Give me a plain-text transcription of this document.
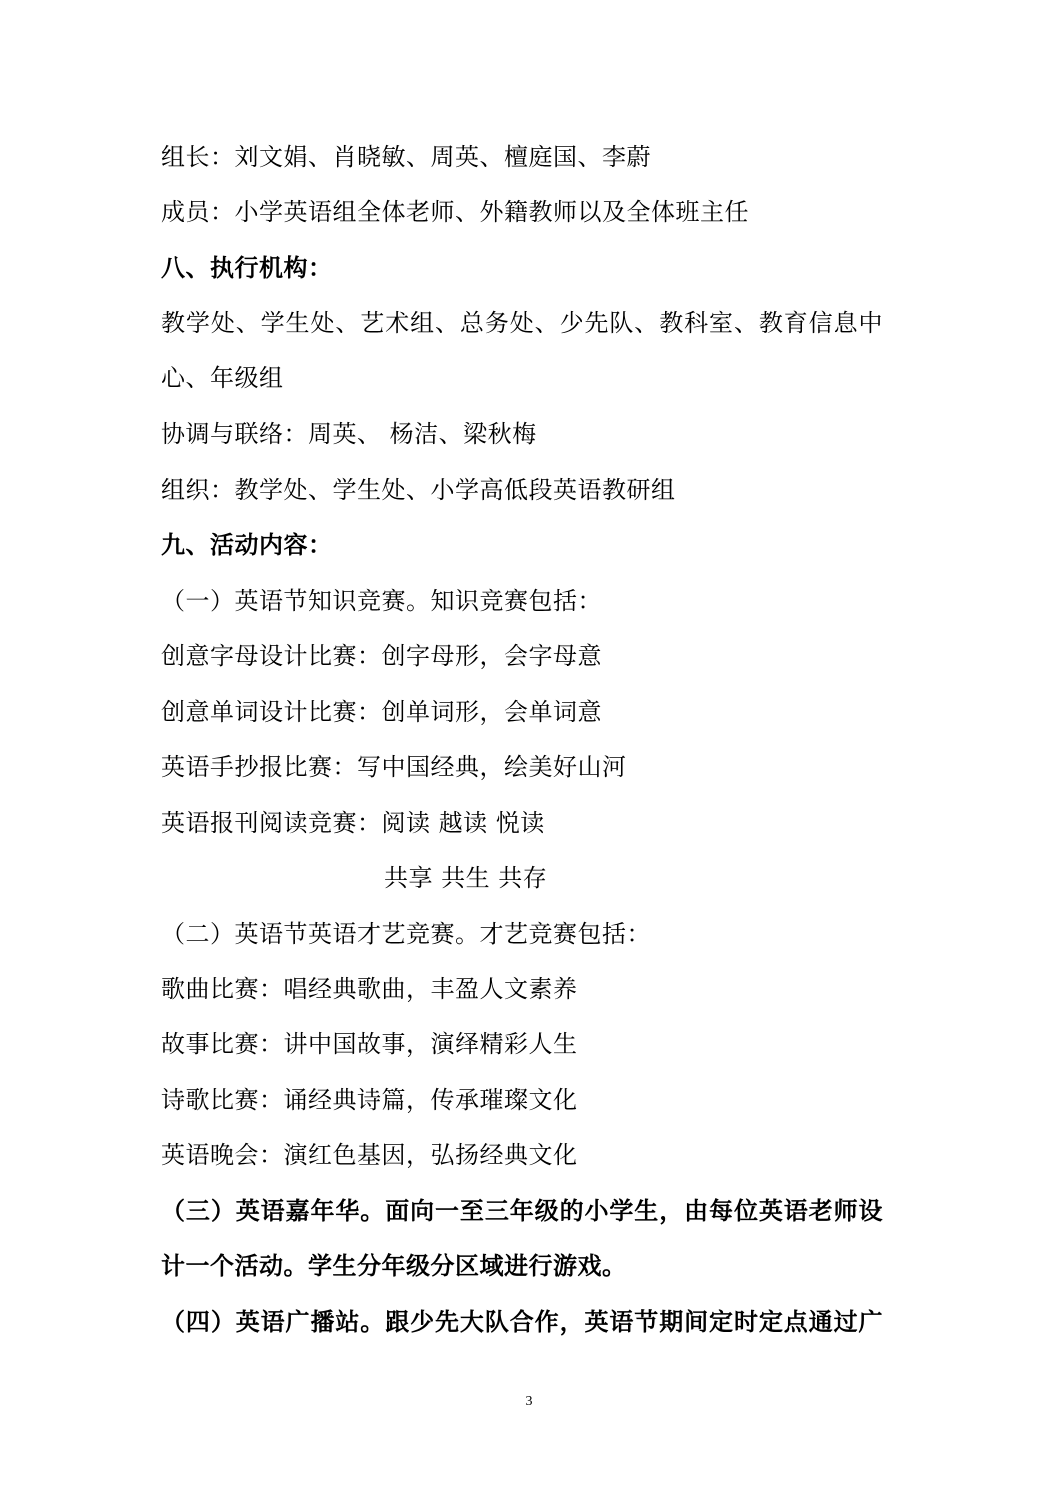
组长：刘文娟、肖晓敏、周英、檀庭国、李蔚
成员：小学英语组全体老师、外籍教师以及全体班主任
八、执行机构：
教学处、学生处、艺术组、总务处、少先队、教科室、教育信息中
心、年级组
协调与联络：周英、 杨洁、梁秋梅
组织：教学处、学生处、小学高低段英语教研组
九、活动内容：
（一）英语节知识竞赛。知识竞赛包括：
创意字母设计比赛：创字母形，会字母意
创意单词设计比赛：创单词形，会单词意
英语手抄报比赛：写中国经典，绘美好山河
英语报刊阅读竞赛：阅读 越读 悦读
共享 共生 共存
（二）英语节英语才艺竞赛。才艺竞赛包括：
歌曲比赛：唱经典歌曲，丰盈人文素养
故事比赛：讲中国故事，演绎精彩人生
诗歌比赛：诵经典诗篇，传承璀璨文化
英语晚会：演红色基因，弘扬经典文化
（三）英语嘉年华。面向一至三年级的小学生，由每位英语老师设
计一个活动。学生分年级分区域进行游戏。
（四）英语广播站。跟少先大队合作，英语节期间定时定点通过广
3
